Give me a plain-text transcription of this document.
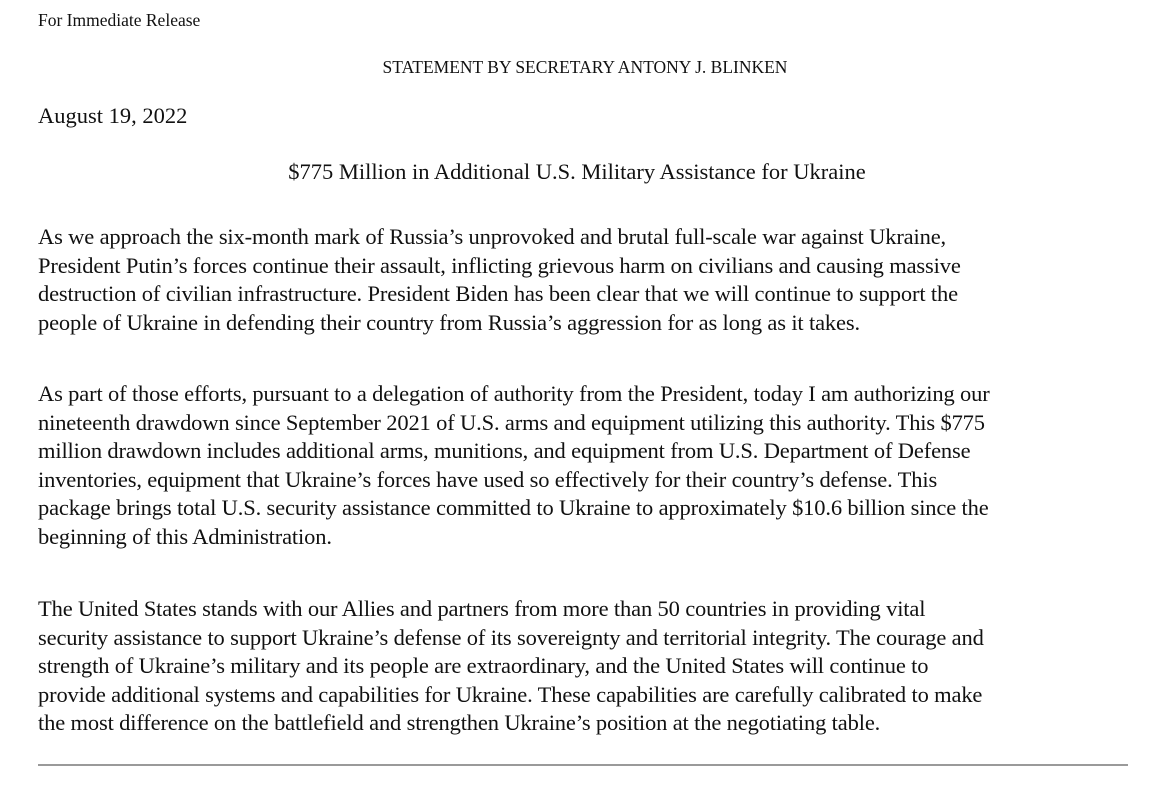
For Immediate Release
STATEMENT BY SECRETARY ANTONY J. BLINKEN
August 19, 2022
$775 Million in Additional U.S. Military Assistance for Ukraine
As we approach the six-month mark of Russia’s unprovoked and brutal full-scale war against Ukraine,
President Putin’s forces continue their assault, inflicting grievous harm on civilians and causing massive
destruction of civilian infrastructure. President Biden has been clear that we will continue to support the
people of Ukraine in defending their country from Russia’s aggression for as long as it takes.
As part of those efforts, pursuant to a delegation of authority from the President, today I am authorizing our
nineteenth drawdown since September 2021 of U.S. arms and equipment utilizing this authority. This $775
million drawdown includes additional arms, munitions, and equipment from U.S. Department of Defense
inventories, equipment that Ukraine’s forces have used so effectively for their country’s defense. This
package brings total U.S. security assistance committed to Ukraine to approximately $10.6 billion since the
beginning of this Administration.
The United States stands with our Allies and partners from more than 50 countries in providing vital
security assistance to support Ukraine’s defense of its sovereignty and territorial integrity. The courage and
strength of Ukraine’s military and its people are extraordinary, and the United States will continue to
provide additional systems and capabilities for Ukraine. These capabilities are carefully calibrated to make
the most difference on the battlefield and strengthen Ukraine’s position at the negotiating table.
